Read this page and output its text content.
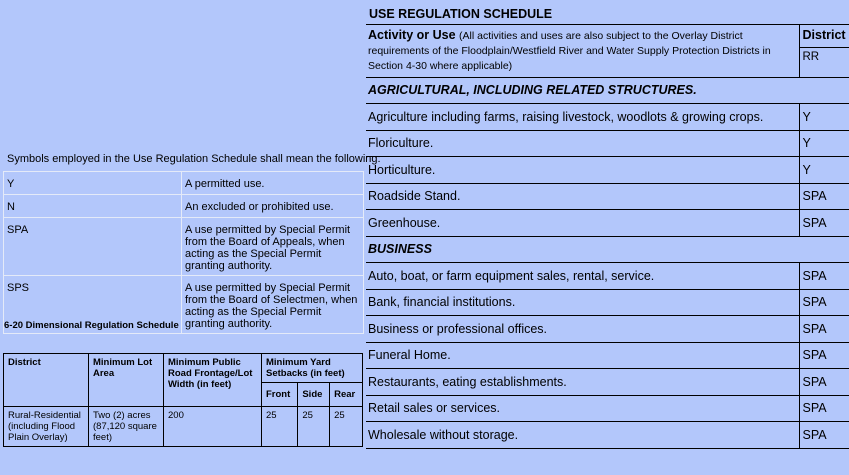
Symbols employed in the Use Regulation Schedule shall mean the following:
Y	A permitted use.
N	An excluded or prohibited use.
SPA	A use permitted by Special Permit from the Board of Appeals, when acting as the Special Permit granting authority.
SPS	A use permitted by Special Permit from the Board of Selectmen, when acting as the Special Permit granting authority.
6-20 Dimensional Regulation Schedule
District	Minimum Lot Area	Minimum Public Road Frontage/Lot Width (in feet)	Minimum Yard Setbacks (in feet)		
			Front	Side	Rear
Rural-Residential (including Flood Plain Overlay)	Two (2) acres (87,120 square feet)	200	25	25	25
USE REGULATION SCHEDULE
Activity or Use (All activities and uses are also subject to the Overlay District requirements of the Floodplain/Westfield River and Water Supply Protection Districts in Section 4-30 where applicable)	District
RR

AGRICULTURAL, INCLUDING RELATED STRUCTURES.	
Agriculture including farms, raising livestock, woodlots & growing crops.	Y
Floriculture.	Y
Horticulture.	Y
Roadside Stand.	SPA
Greenhouse.	SPA
BUSINESS	
Auto, boat, or farm equipment sales, rental, service.	SPA
Bank, financial institutions.	SPA
Business or professional offices.	SPA
Funeral Home.	SPA
Restaurants, eating establishments.	SPA
Retail sales or services.	SPA
Wholesale without storage.	SPA
